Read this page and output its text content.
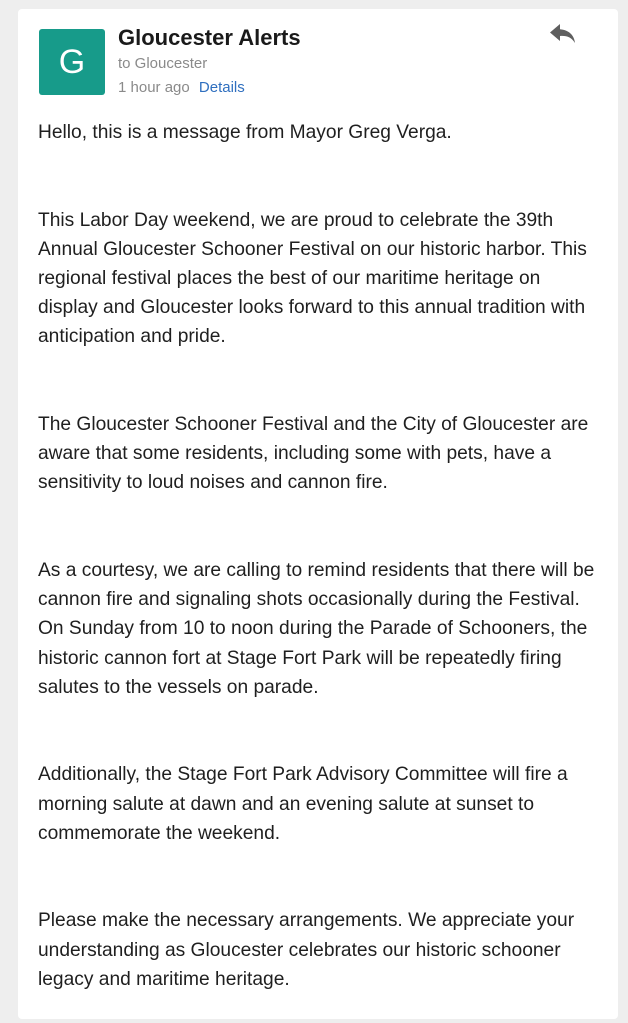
G
Gloucester Alerts
to Gloucester
1 hour ago Details

Hello, this is a message from Mayor Greg Verga.

This Labor Day weekend, we are proud to celebrate the 39th Annual Gloucester Schooner Festival on our historic harbor. This regional festival places the best of our maritime heritage on display and Gloucester looks forward to this annual tradition with anticipation and pride.

The Gloucester Schooner Festival and the City of Gloucester are aware that some residents, including some with pets, have a sensitivity to loud noises and cannon fire.

As a courtesy, we are calling to remind residents that there will be cannon fire and signaling shots occasionally during the Festival. On Sunday from 10 to noon during the Parade of Schooners, the historic cannon fort at Stage Fort Park will be repeatedly firing salutes to the vessels on parade.

Additionally, the Stage Fort Park Advisory Committee will fire a morning salute at dawn and an evening salute at sunset to commemorate the weekend.

Please make the necessary arrangements. We appreciate your understanding as Gloucester celebrates our historic schooner legacy and maritime heritage.
